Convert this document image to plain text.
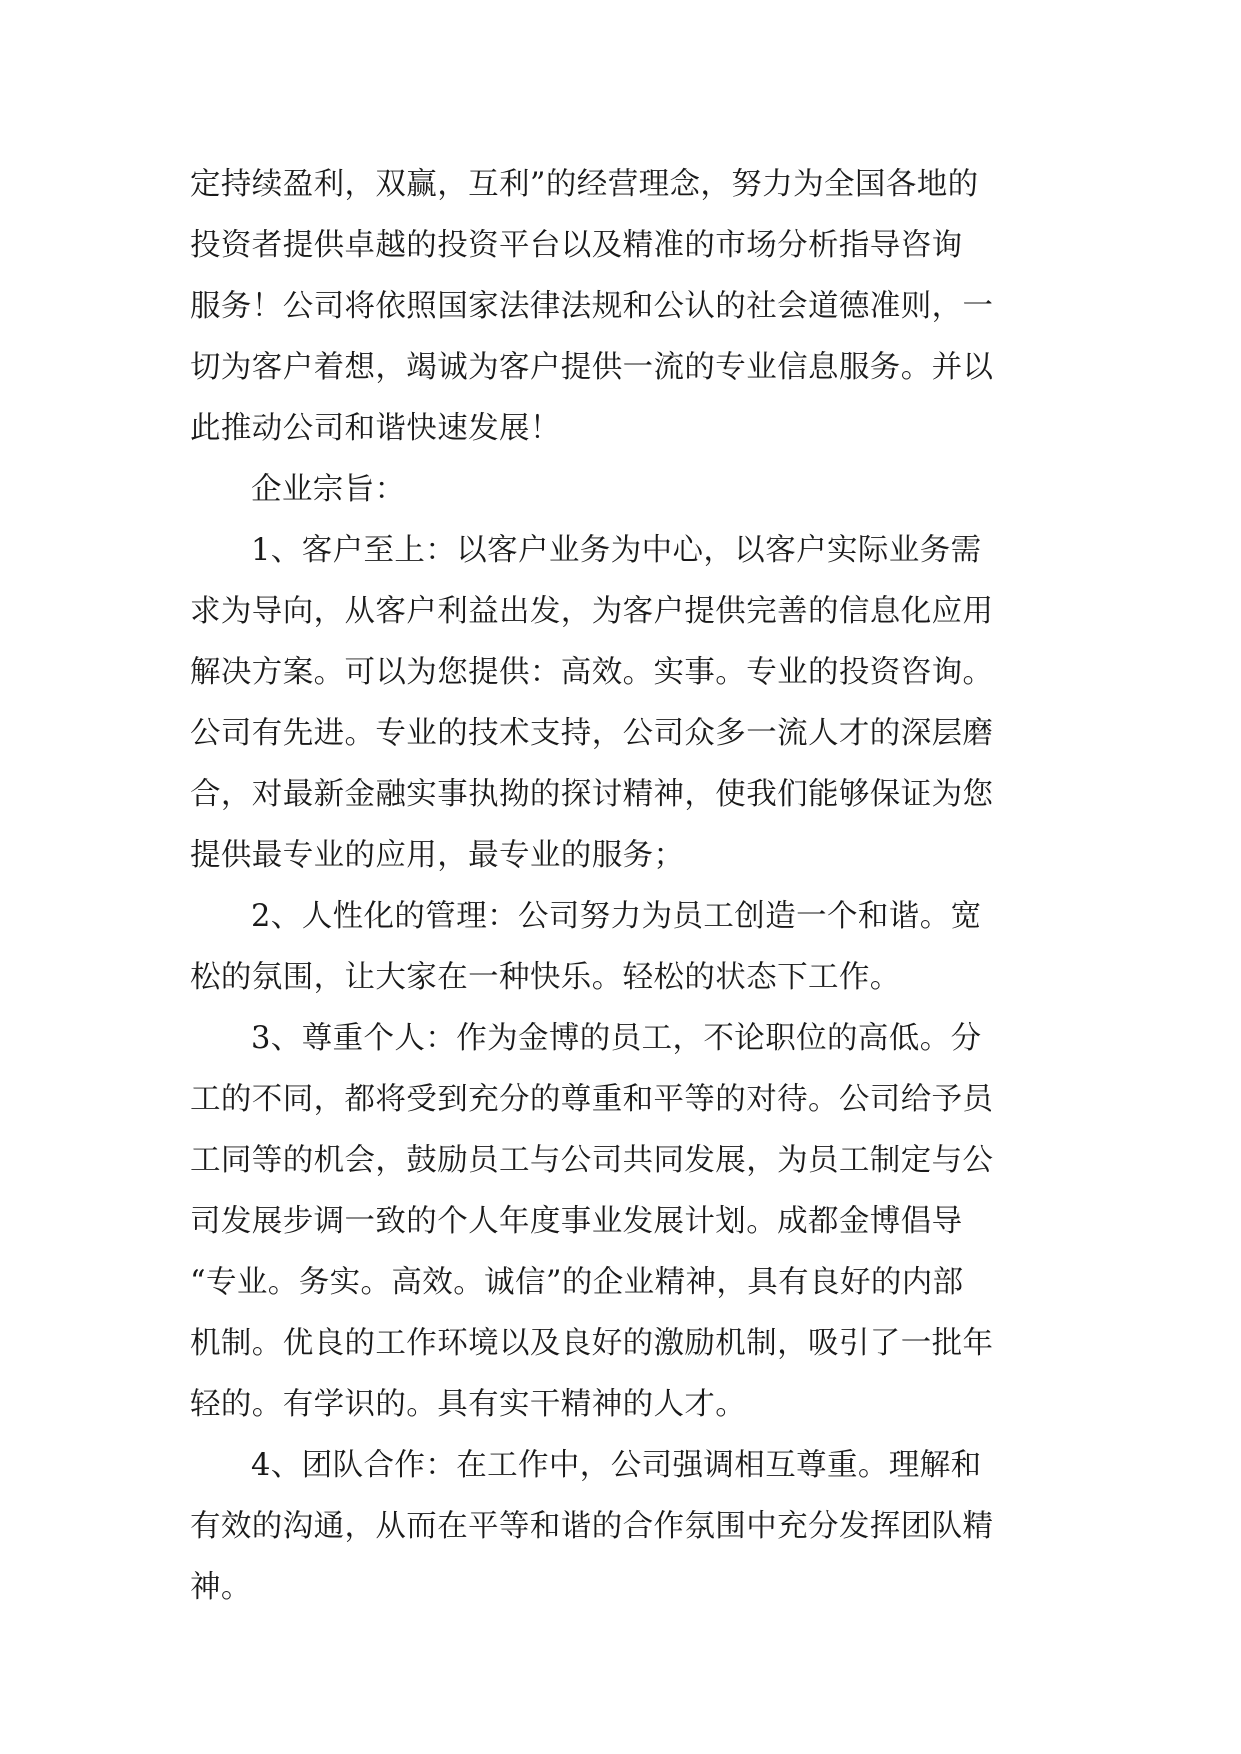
定持续盈利，双赢，互利”的经营理念，努力为全国各地的
投资者提供卓越的投资平台以及精准的市场分析指导咨询
服务！公司将依照国家法律法规和公认的社会道德准则，一
切为客户着想，竭诚为客户提供一流的专业信息服务。并以
此推动公司和谐快速发展！
企业宗旨：
1、客户至上：以客户业务为中心，以客户实际业务需
求为导向，从客户利益出发，为客户提供完善的信息化应用
解决方案。可以为您提供：高效。实事。专业的投资咨询。
公司有先进。专业的技术支持，公司众多一流人才的深层磨
合，对最新金融实事执拗的探讨精神，使我们能够保证为您
提供最专业的应用，最专业的服务；
2、人性化的管理：公司努力为员工创造一个和谐。宽
松的氛围，让大家在一种快乐。轻松的状态下工作。
3、尊重个人：作为金博的员工，不论职位的高低。分
工的不同，都将受到充分的尊重和平等的对待。公司给予员
工同等的机会，鼓励员工与公司共同发展，为员工制定与公
司发展步调一致的个人年度事业发展计划。成都金博倡导
“专业。务实。高效。诚信”的企业精神，具有良好的内部
机制。优良的工作环境以及良好的激励机制，吸引了一批年
轻的。有学识的。具有实干精神的人才。
4、团队合作：在工作中，公司强调相互尊重。理解和
有效的沟通，从而在平等和谐的合作氛围中充分发挥团队精
神。
